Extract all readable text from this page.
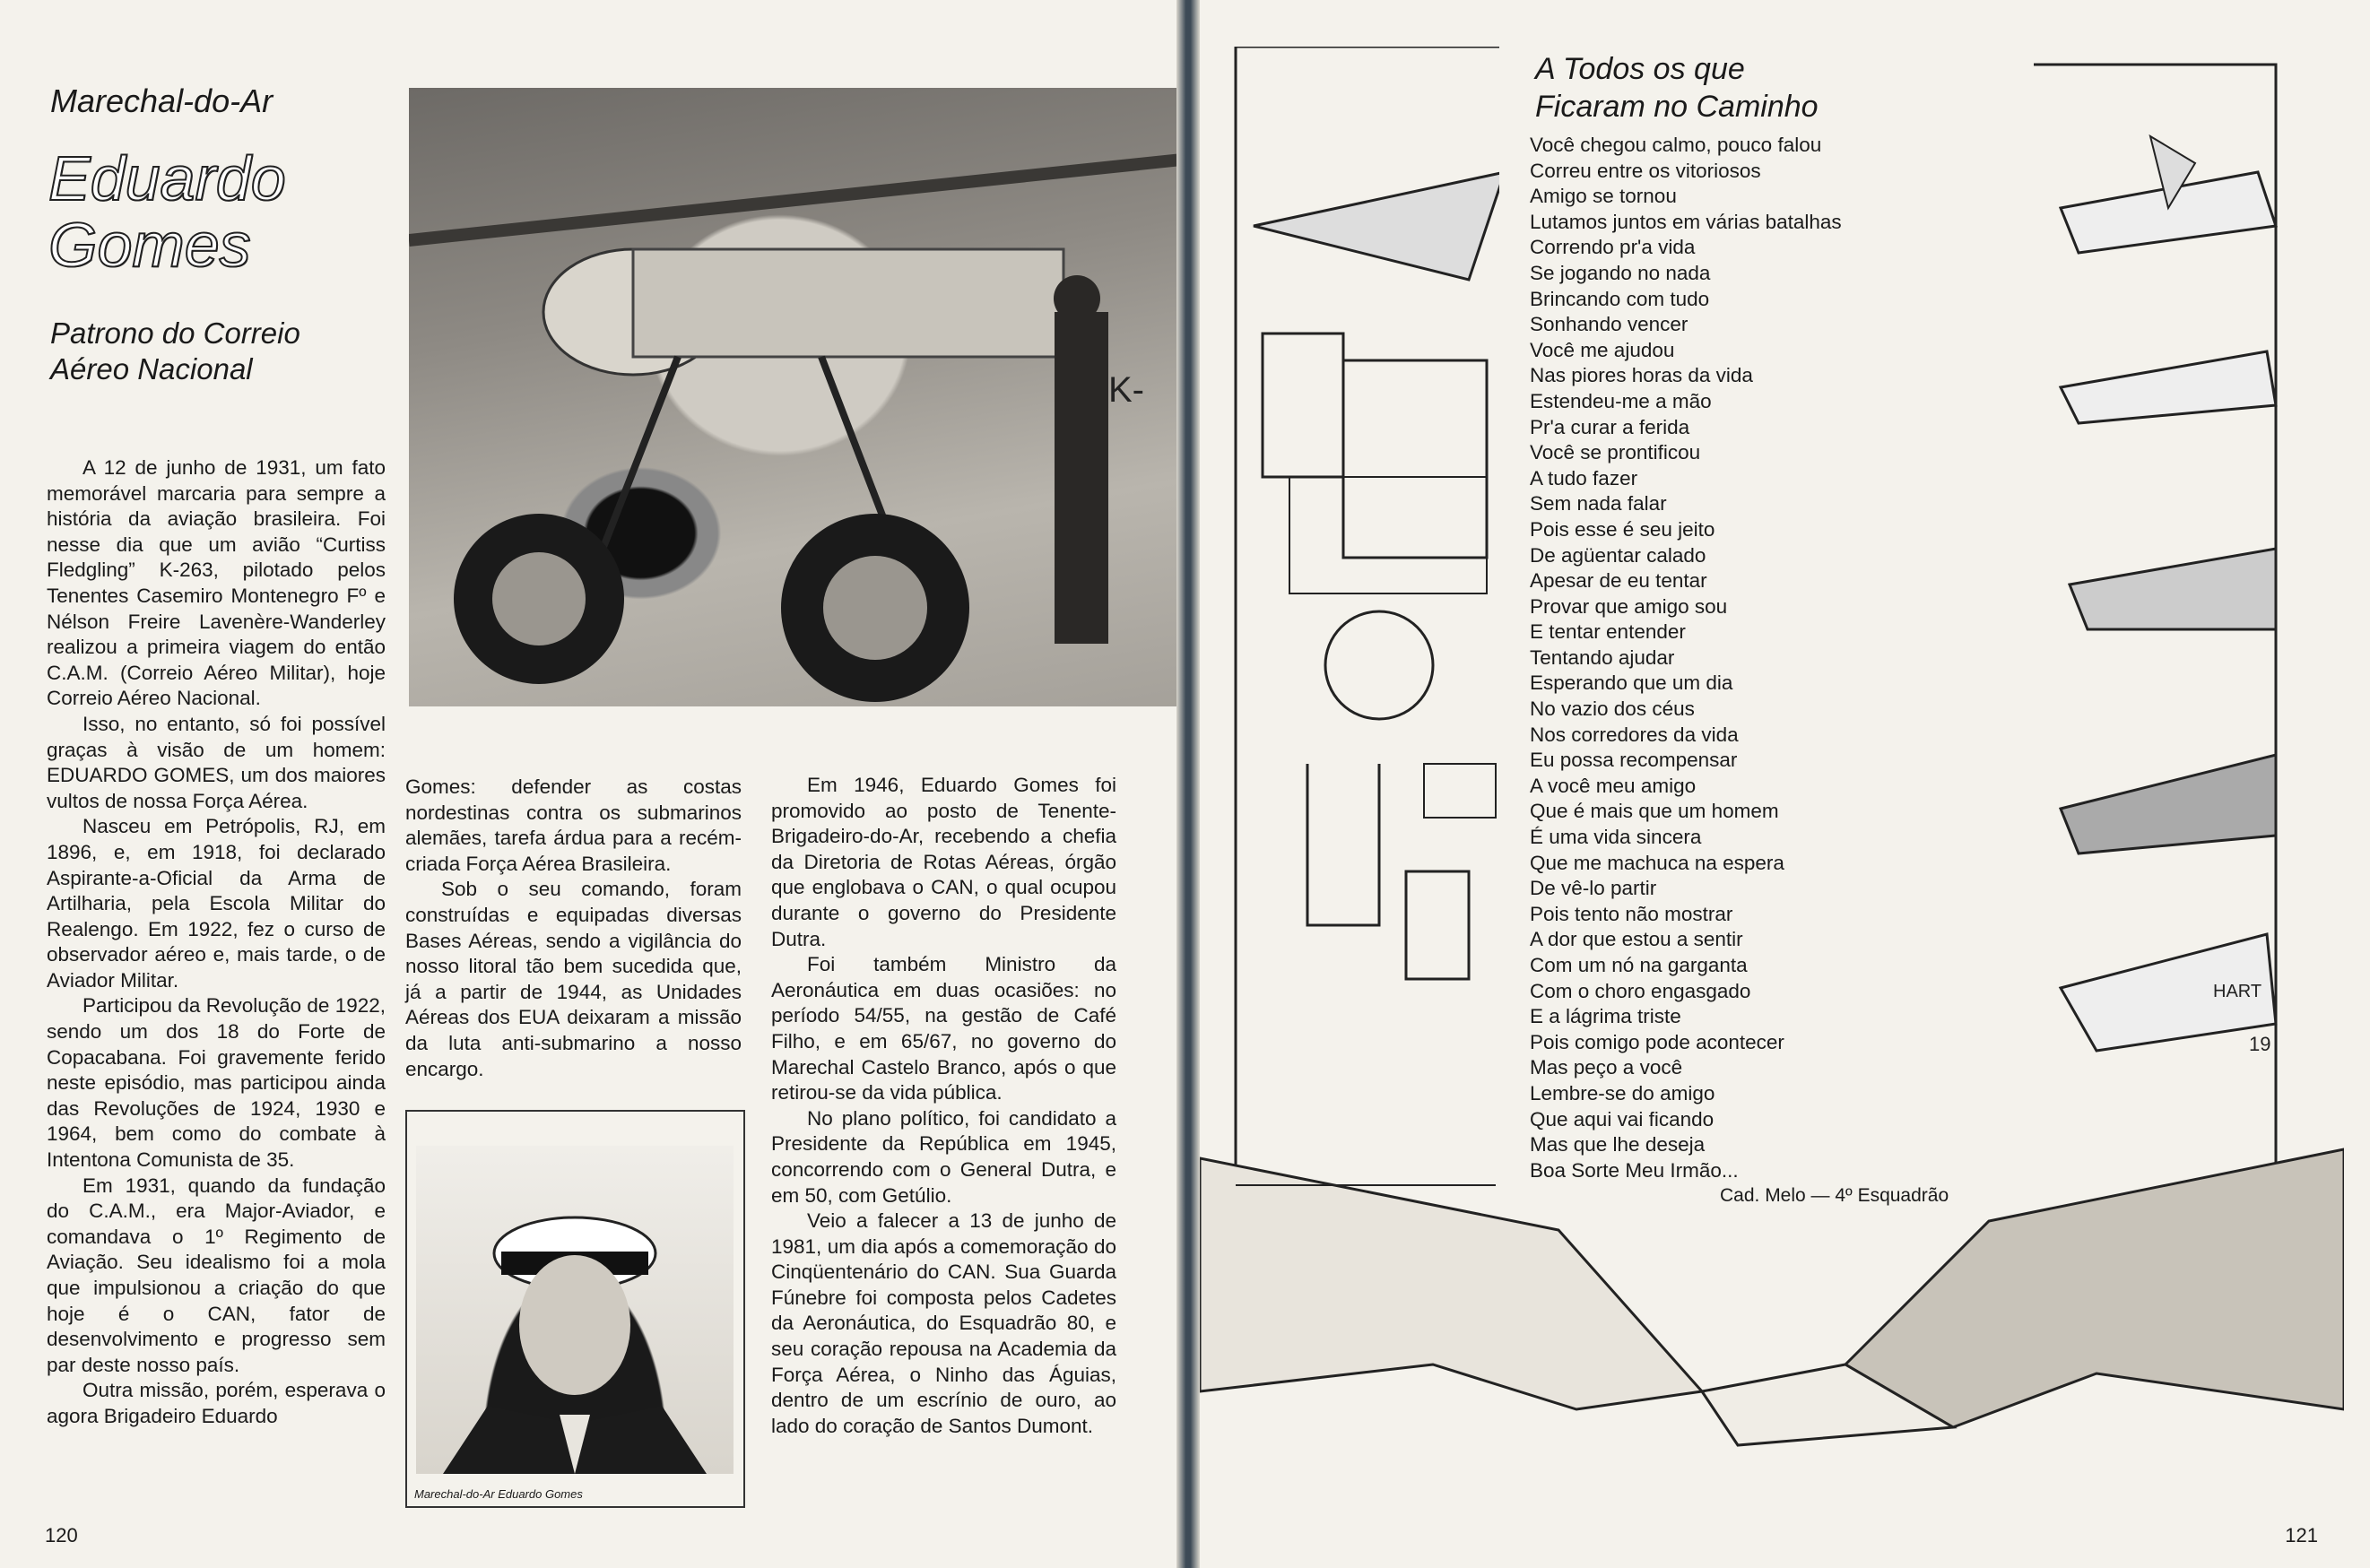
Marechal-do-Ar
Eduardo
Gomes
Patrono do Correio
Aéreo Nacional
K-

A 12 de junho de 1931, um fato memorável marcaria para sempre a história da aviação brasileira. Foi nesse dia que um avião “Curtiss Fledgling” K-263, pilotado pelos Tenentes Casemiro Montenegro Fº e Nélson Freire Lavenère-Wanderley realizou a primeira viagem do então C.A.M. (Correio Aéreo Militar), hoje Correio Aéreo Nacional.

Isso, no entanto, só foi possível graças à visão de um homem: EDUARDO GOMES, um dos maiores vultos de nossa Força Aérea.

Nasceu em Petrópolis, RJ, em 1896, e, em 1918, foi declarado Aspirante-a-Oficial da Arma de Artilharia, pela Escola Militar do Realengo. Em 1922, fez o curso de observador aéreo e, mais tarde, o de Aviador Militar.

Participou da Revolução de 1922, sendo um dos 18 do Forte de Copacabana. Foi gravemente ferido neste episódio, mas participou ainda das Revoluções de 1924, 1930 e 1964, bem como do combate à Intentona Comunista de 35.

Em 1931, quando da fundação do C.A.M., era Major-Aviador, e comandava o 1º Regimento de Aviação. Seu idealismo foi a mola que impulsionou a criação do que hoje é o CAN, fator de desenvolvimento e progresso sem par deste nosso país.

Outra missão, porém, esperava o agora Brigadeiro Eduardo

Gomes: defender as costas nordestinas contra os submarinos alemães, tarefa árdua para a recém-criada Força Aérea Brasileira.

Sob o seu comando, foram construídas e equipadas diversas Bases Aéreas, sendo a vigilância do nosso litoral tão bem sucedida que, já a partir de 1944, as Unidades Aéreas dos EUA deixaram a missão da luta anti-submarino a nosso encargo.

Marechal-do-Ar Eduardo Gomes

Em 1946, Eduardo Gomes foi promovido ao posto de Tenente-Brigadeiro-do-Ar, recebendo a chefia da Diretoria de Rotas Aéreas, órgão que englobava o CAN, o qual ocupou durante o governo do Presidente Dutra.

Foi também Ministro da Aeronáutica em duas ocasiões: no período 54/55, na gestão de Café Filho, e em 65/67, no governo do Marechal Castelo Branco, após o que retirou-se da vida pública.

No plano político, foi candidato a Presidente da República em 1945, concorrendo com o General Dutra, e em 50, com Getúlio.

Veio a falecer a 13 de junho de 1981, um dia após a comemoração do Cinqüentenário do CAN. Sua Guarda Fúnebre foi composta pelos Cadetes da Aeronáutica, do Esquadrão 80, e seu coração repousa na Academia da Força Aérea, o Ninho das Águias, dentro de um escrínio de ouro, ao lado do coração de Santos Dumont.

120
HART
19
A Todos os que
Ficaram no Caminho
Você chegou calmo, pouco falou
Correu entre os vitoriosos
Amigo se tornou
Lutamos juntos em várias batalhas
Correndo pr'a vida
Se jogando no nada
Brincando com tudo
Sonhando vencer
Você me ajudou
Nas piores horas da vida
Estendeu-me a mão
Pr'a curar a ferida
Você se prontificou
A tudo fazer
Sem nada falar
Pois esse é seu jeito
De agüentar calado
Apesar de eu tentar
Provar que amigo sou
E tentar entender
Tentando ajudar
Esperando que um dia
No vazio dos céus
Nos corredores da vida
Eu possa recompensar
A você meu amigo
Que é mais que um homem
É uma vida sincera
Que me machuca na espera
De vê-lo partir
Pois tento não mostrar
A dor que estou a sentir
Com um nó na garganta
Com o choro engasgado
E a lágrima triste
Pois comigo pode acontecer
Mas peço a você
Lembre-se do amigo
Que aqui vai ficando
Mas que lhe deseja
Boa Sorte Meu Irmão...
Cad. Melo — 4º Esquadrão
121
